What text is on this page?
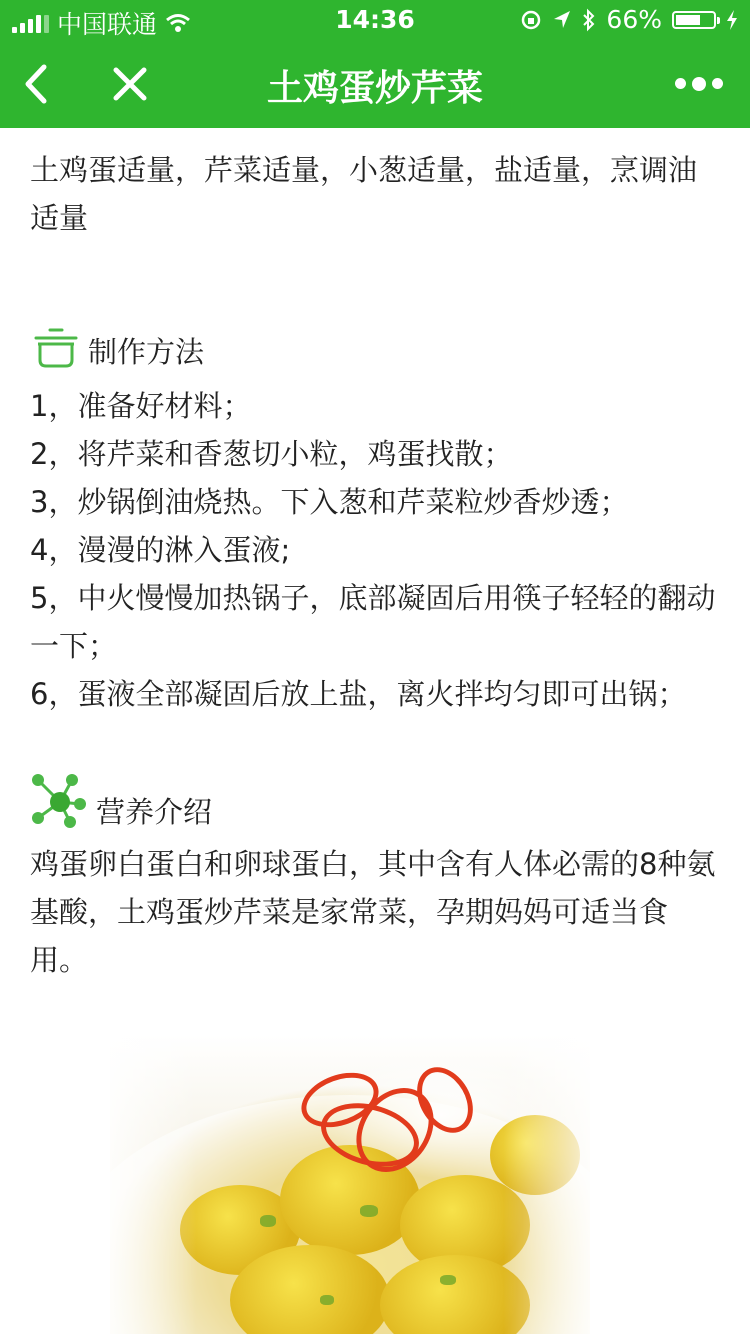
中国联通	14:36	66%
土鸡蛋炒芹菜

土鸡蛋适量，芹菜适量，小葱适量，盐适量，烹调油适量

制作方法
1，准备好材料；
2，将芹菜和香葱切小粒，鸡蛋找散；
3，炒锅倒油烧热。下入葱和芹菜粒炒香炒透；
4，漫漫的淋入蛋液;
5，中火慢慢加热锅子，底部凝固后用筷子轻轻的翻动一下；
6，蛋液全部凝固后放上盐，离火拌均匀即可出锅；
营养介绍

鸡蛋卵白蛋白和卵球蛋白，其中含有人体必需的8种氨基酸，土鸡蛋炒芹菜是家常菜，孕期妈妈可适当食用。
